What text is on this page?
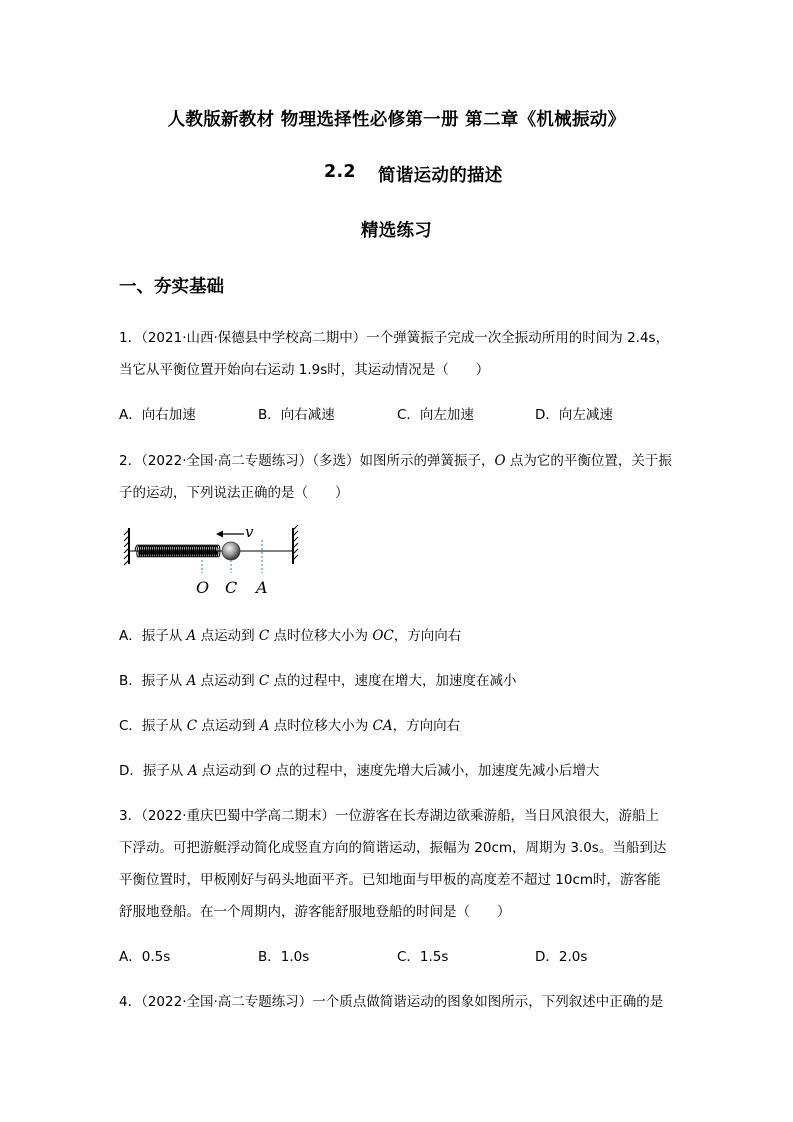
人教版新教材 物理选择性必修第一册 第二章《机械振动》
2.2 简谐运动的描述
精选练习
一、夯实基础
1．（2021·山西·保德县中学校高二期中）一个弹簧振子完成一次全振动所用的时间为 2.4s，
当它从平衡位置开始向右运动 1.9s时，其运动情况是（　　）
A．向右加速	B．向右减速	C．向左加速	D．向左减速
2．（2022·全国·高二专题练习）（多选）如图所示的弹簧振子，O 点为它的平衡位置，关于振
子的运动，下列说法正确的是（　　）
v
O C A
A．振子从 A 点运动到 C 点时位移大小为 OC，方向向右
B．振子从 A 点运动到 C 点的过程中，速度在增大，加速度在减小
C．振子从 C 点运动到 A 点时位移大小为 CA，方向向右
D．振子从 A 点运动到 O 点的过程中，速度先增大后减小，加速度先减小后增大
3．（2022·重庆巴蜀中学高二期末）一位游客在长寿湖边欲乘游船，当日风浪很大，游船上
下浮动。可把游艇浮动简化成竖直方向的简谐运动，振幅为 20cm，周期为 3.0s。当船到达
平衡位置时，甲板刚好与码头地面平齐。已知地面与甲板的高度差不超过 10cm时，游客能
舒服地登船。在一个周期内，游客能舒服地登船的时间是（　　）
A．0.5s	B．1.0s	C．1.5s	D．2.0s
4．（2022·全国·高二专题练习）一个质点做简谐运动的图象如图所示，下列叙述中正确的是
